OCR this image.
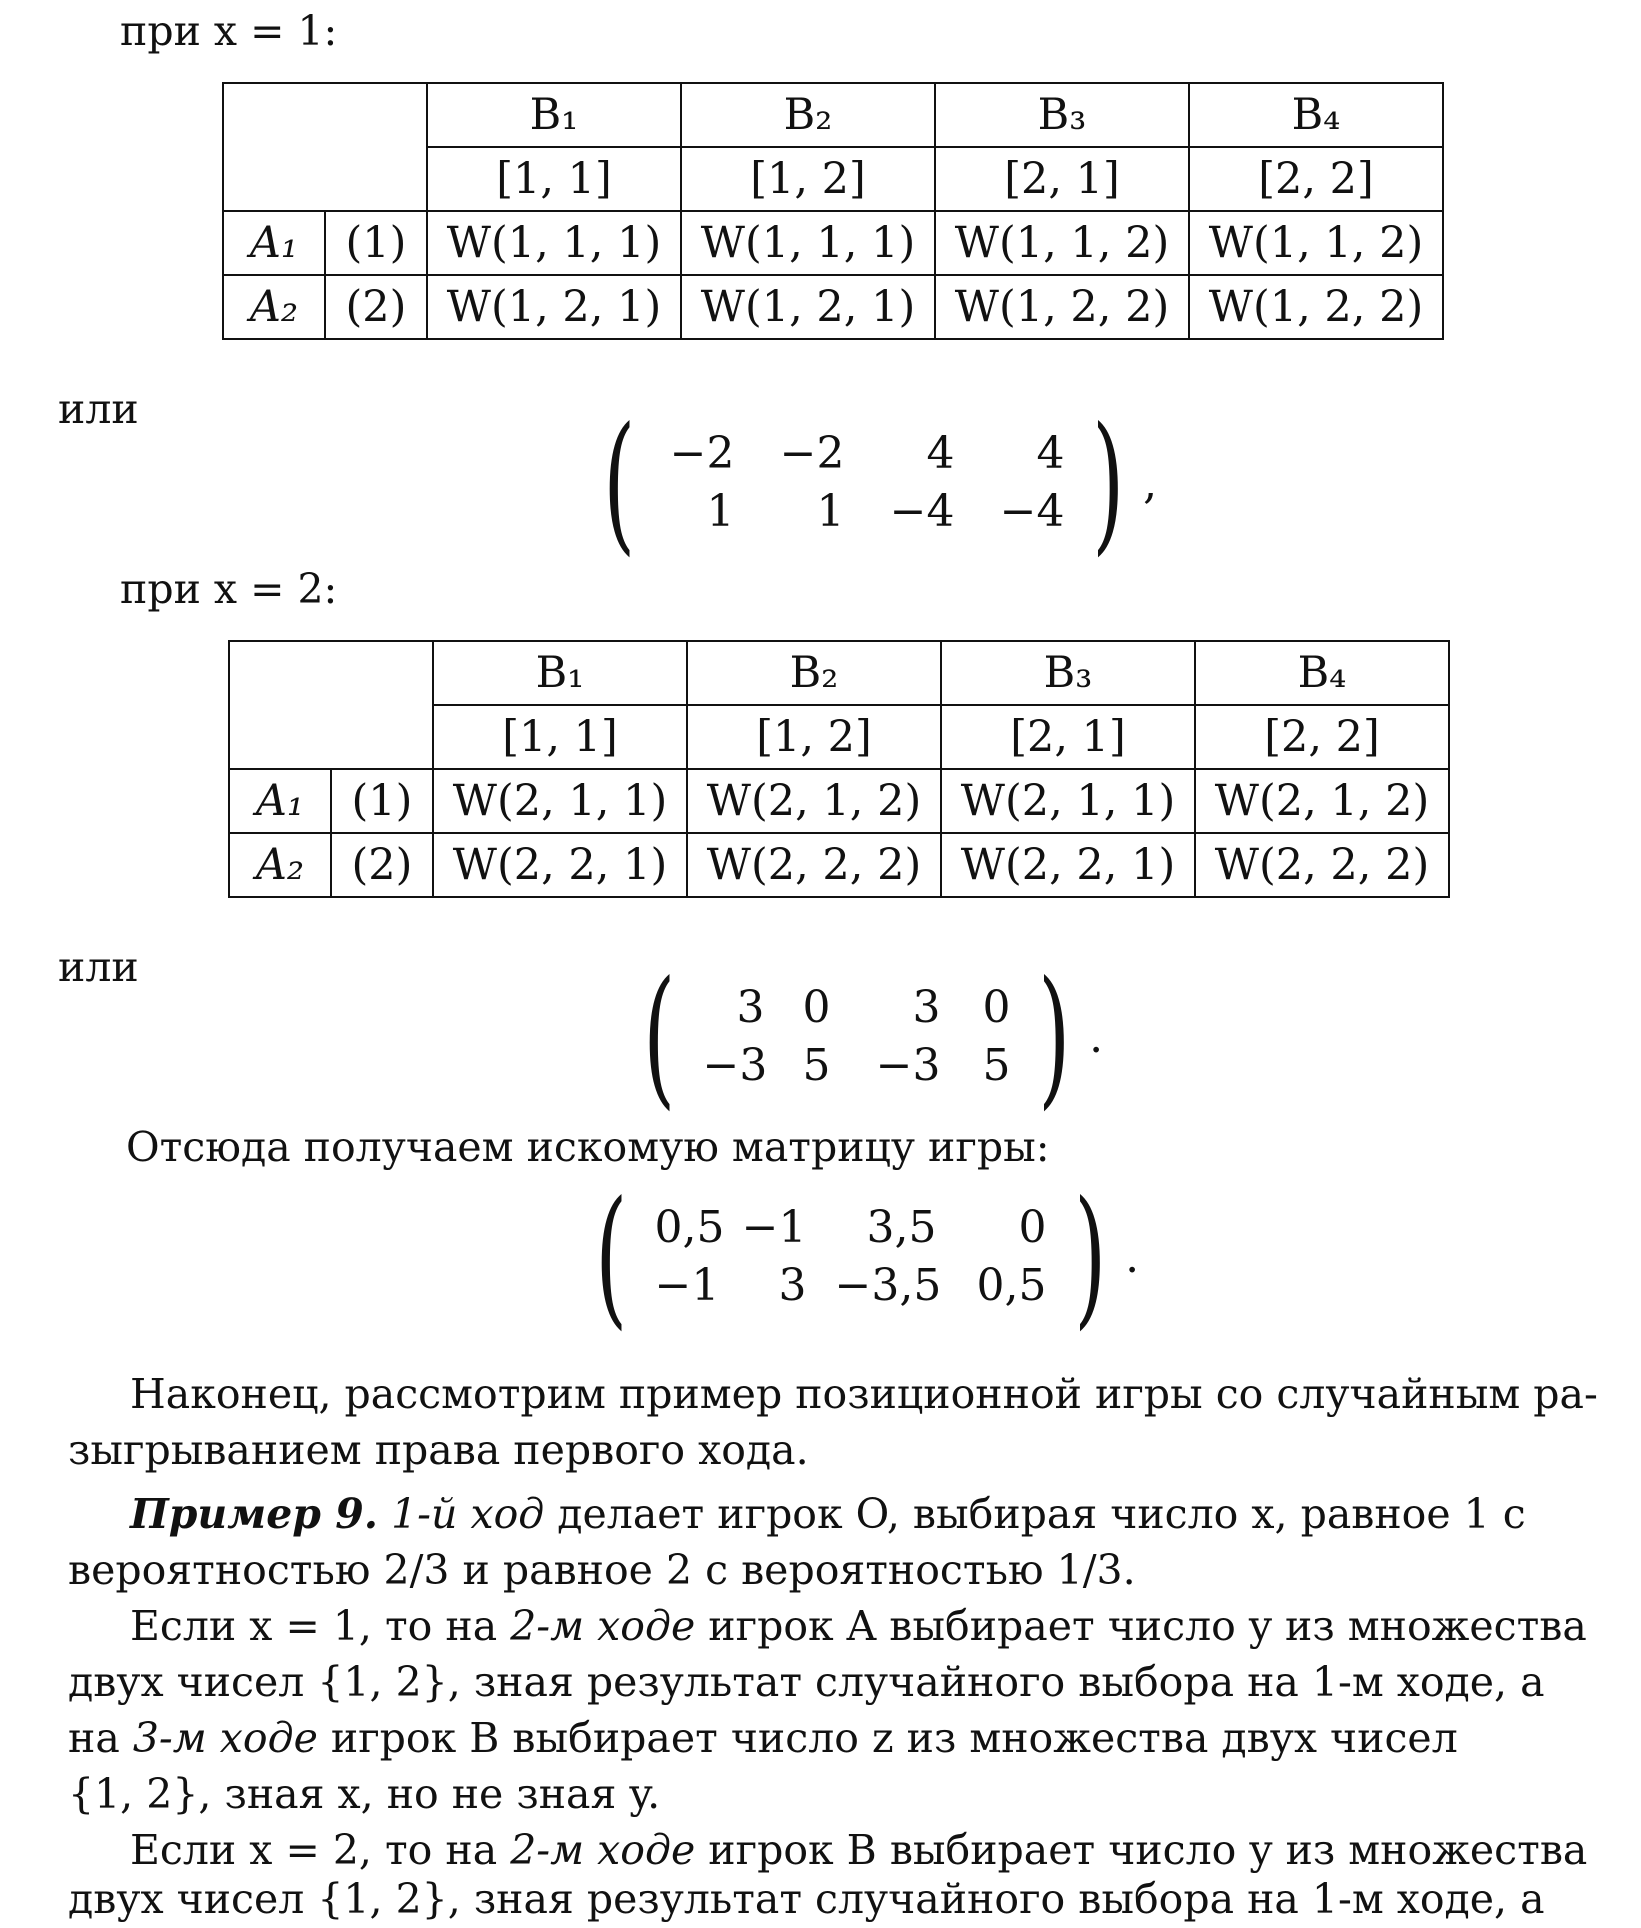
при x = 1:
		B₁	B₂	B₃	B₄
		[1, 1]	[1, 2]	[2, 1]	[2, 2]
A₁	(1)	W(1, 1, 1)	W(1, 1, 1)	W(1, 1, 2)	W(1, 1, 2)
A₂	(2)	W(1, 2, 1)	W(1, 2, 1)	W(1, 2, 2)	W(1, 2, 2)
или	( −2	−2	4	4
1	1	−4	−4 ) ,
при x = 2:
		B₁	B₂	B₃	B₄
		[1, 1]	[1, 2]	[2, 1]	[2, 2]
A₁	(1)	W(2, 1, 1)	W(2, 1, 2)	W(2, 1, 1)	W(2, 1, 2)
A₂	(2)	W(2, 2, 1)	W(2, 2, 2)	W(2, 2, 1)	W(2, 2, 2)
или	(	3 0	3 0
−3 5	−3 5 ) .
Отсюда получаем искомую матрицу игры:
( 0,5 −1	3,5	0
−1	3 −3,5 0,5 ) .
Наконец, рассмотрим пример позиционной игры со случайным ра-
зыгрыванием права первого хода.
Пример 9. 1-й ход делает игрок O, выбирая число x, равное 1 с
вероятностью 2/3 и равное 2 с вероятностью 1/3.
Если x = 1, то на 2-м ходе игрок A выбирает число y из множества
двух чисел {1, 2}, зная результат случайного выбора на 1-м ходе, а
на 3-м ходе игрок B выбирает число z из множества двух чисел
{1, 2}, зная x, но не зная y.
Если x = 2, то на 2-м ходе игрок B выбирает число y из множества
двух чисел {1, 2}, зная результат случайного выбора на 1-м ходе, а
